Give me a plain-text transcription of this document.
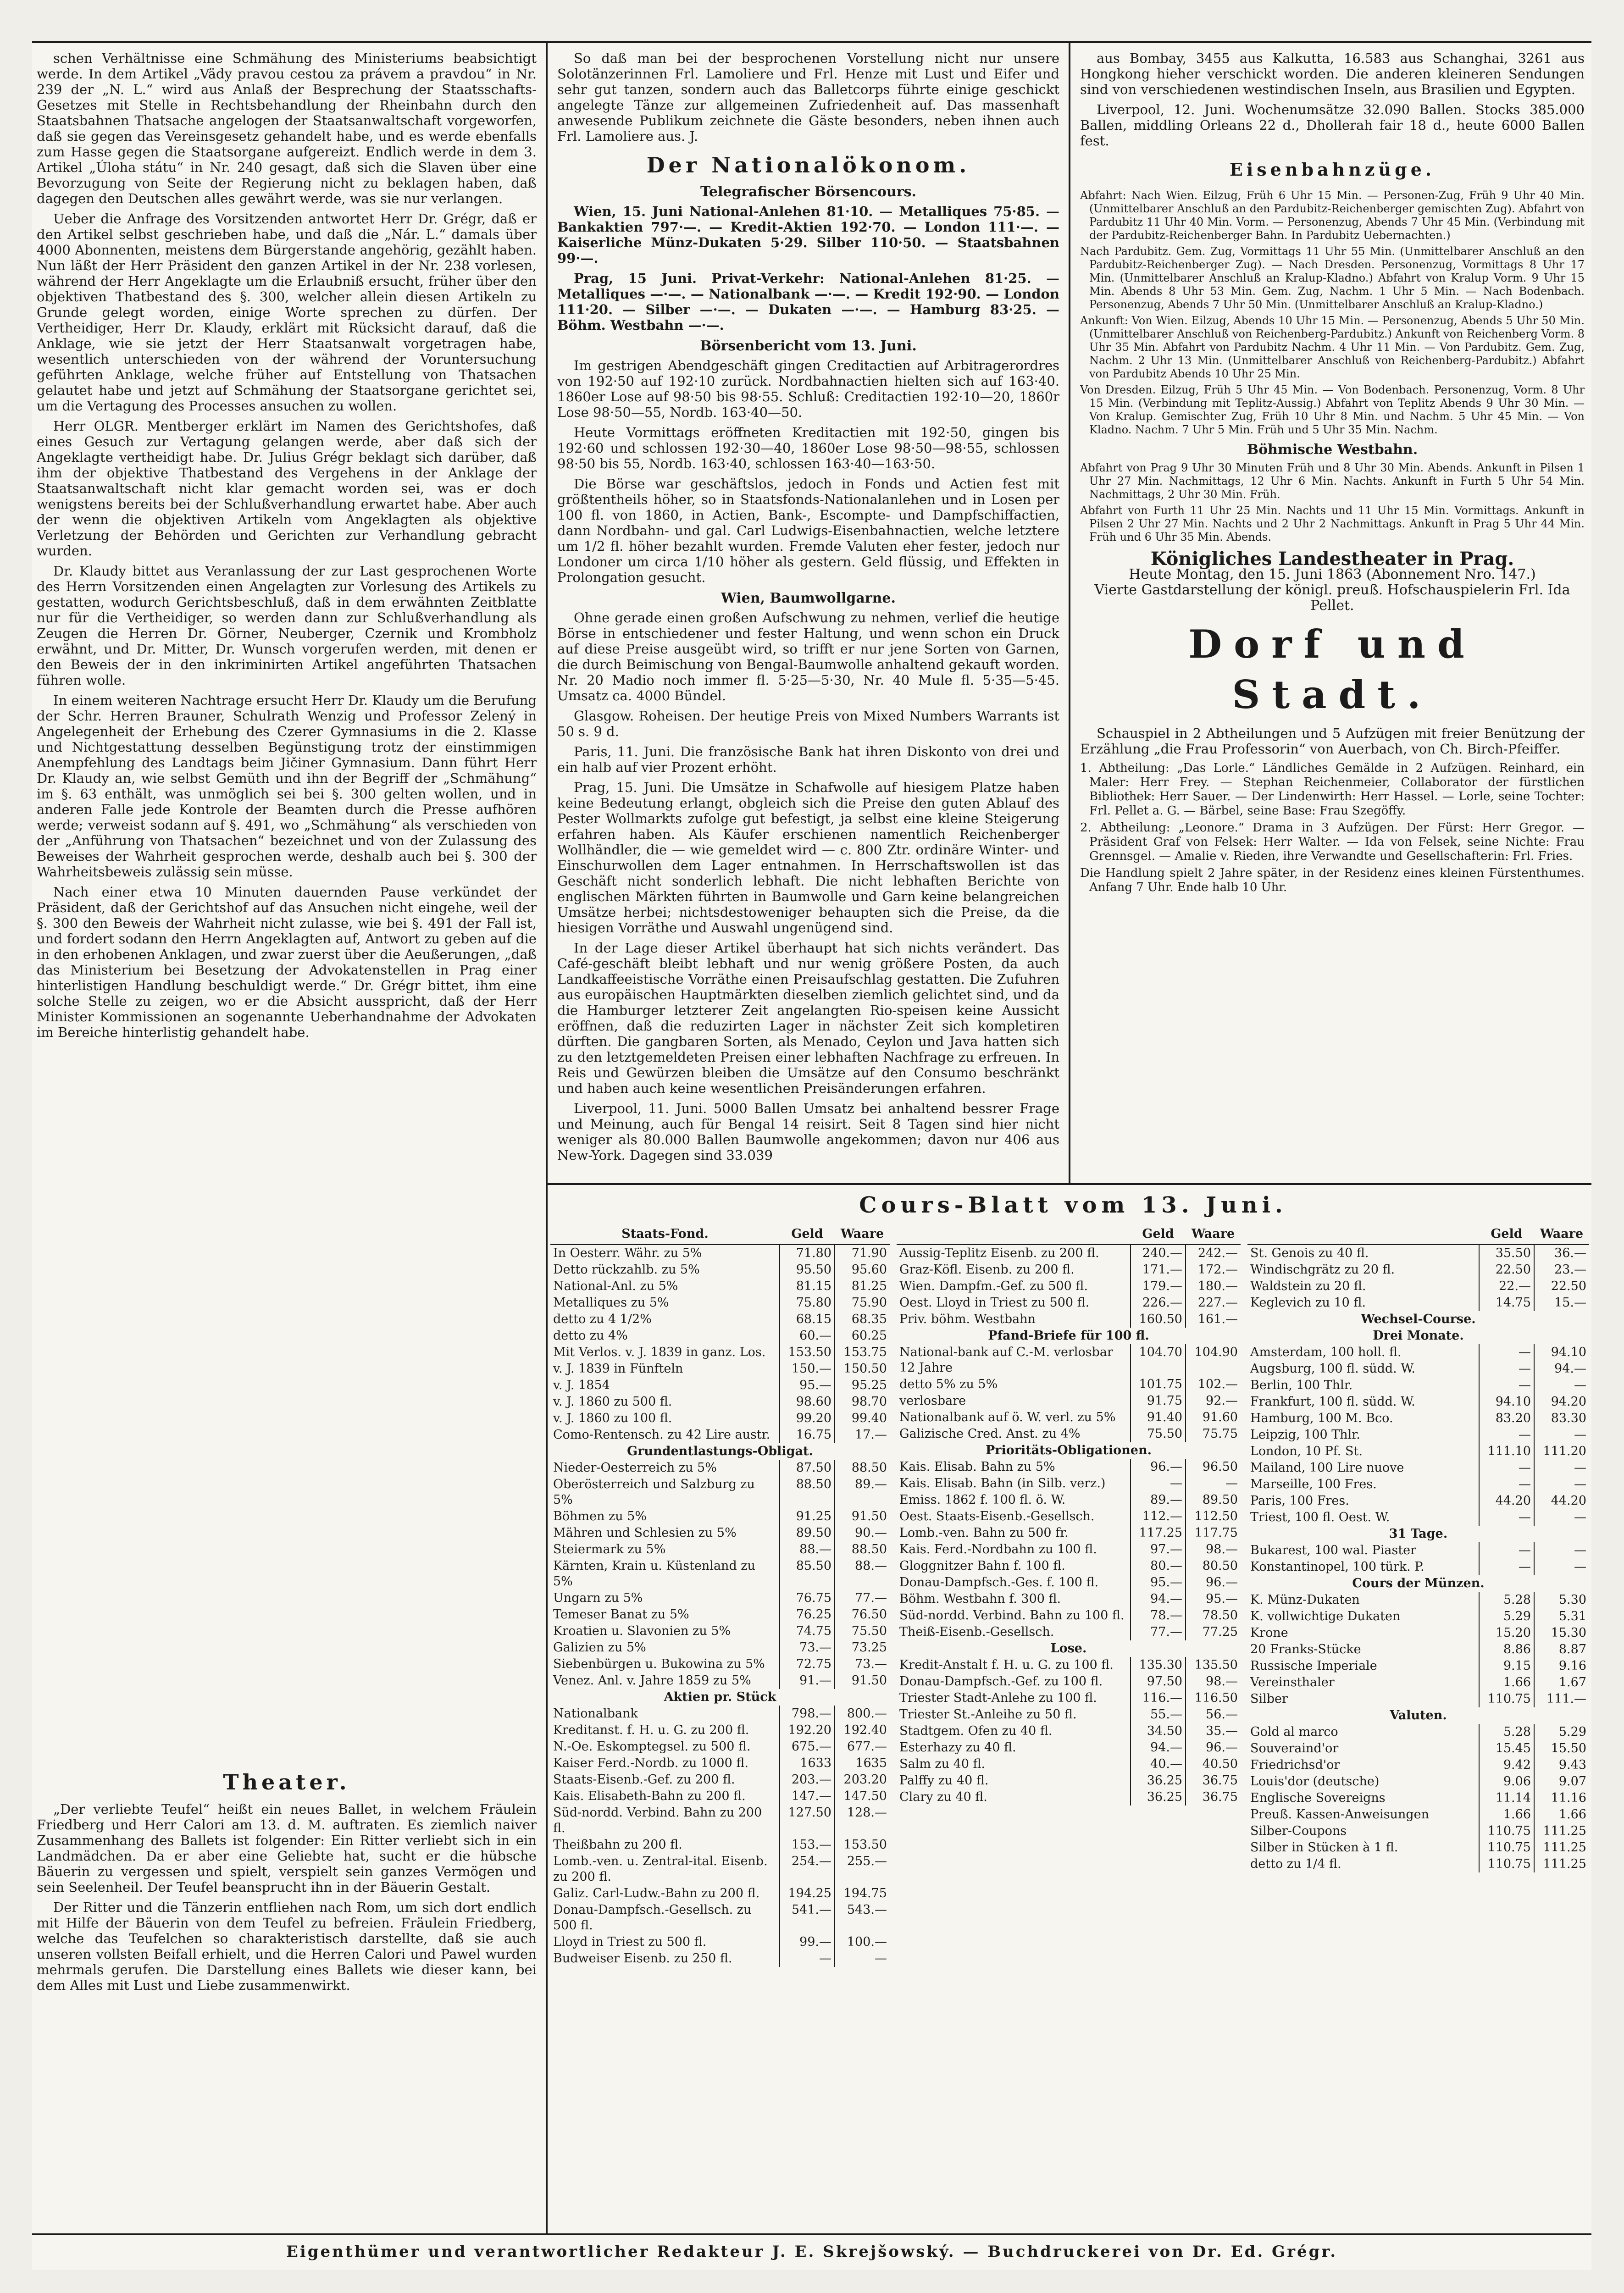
schen Verhältnisse eine Schmähung des Ministeriums beabsichtigt werde. In dem Artikel „Vädy pravou cestou za právem a pravdou“ in Nr. 239 der „N. L.“ wird aus Anlaß der Besprechung der Staatsschafts-Gesetzes mit Stelle in Rechtsbehandlung der Rheinbahn durch den Staatsbahnen Thatsache angelogen der Staatsanwaltschaft vorgeworfen, daß sie gegen das Vereinsgesetz gehandelt habe, und es werde ebenfalls zum Hasse gegen die Staatsorgane aufgereizt. Endlich werde in dem 3. Artikel „Úloha státu“ in Nr. 240 gesagt, daß sich die Slaven über eine Bevorzugung von Seite der Regierung nicht zu beklagen haben, daß dagegen den Deutschen alles gewährt werde, was sie nur verlangen.

Ueber die Anfrage des Vorsitzenden antwortet Herr Dr. Grégr, daß er den Artikel selbst geschrieben habe, und daß die „Nár. L.“ damals über 4000 Abonnenten, meistens dem Bürgerstande angehörig, gezählt haben. Nun läßt der Herr Präsident den ganzen Artikel in der Nr. 238 vorlesen, während der Herr Angeklagte um die Erlaubniß ersucht, früher über den objektiven Thatbestand des §. 300, welcher allein diesen Artikeln zu Grunde gelegt worden, einige Worte sprechen zu dürfen. Der Vertheidiger, Herr Dr. Klaudy, erklärt mit Rücksicht darauf, daß die Anklage, wie sie jetzt der Herr Staatsanwalt vorgetragen habe, wesentlich unterschieden von der während der Voruntersuchung geführten Anklage, welche früher auf Entstellung von Thatsachen gelautet habe und jetzt auf Schmähung der Staatsorgane gerichtet sei, um die Vertagung des Processes ansuchen zu wollen.

Herr OLGR. Mentberger erklärt im Namen des Gerichtshofes, daß eines Gesuch zur Vertagung gelangen werde, aber daß sich der Angeklagte vertheidigt habe. Dr. Julius Grégr beklagt sich darüber, daß ihm der objektive Thatbestand des Vergehens in der Anklage der Staatsanwaltschaft nicht klar gemacht worden sei, was er doch wenigstens bereits bei der Schlußverhandlung erwartet habe. Aber auch der wenn die objektiven Artikeln vom Angeklagten als objektive Verletzung der Behörden und Gerichten zur Verhandlung gebracht wurden.

Dr. Klaudy bittet aus Veranlassung der zur Last gesprochenen Worte des Herrn Vorsitzenden einen Angelagten zur Vorlesung des Artikels zu gestatten, wodurch Gerichtsbeschluß, daß in dem erwähnten Zeitblatte nur für die Vertheidiger, so werden dann zur Schlußverhandlung als Zeugen die Herren Dr. Görner, Neuberger, Czernik und Krombholz erwähnt, und Dr. Mitter, Dr. Wunsch vorgerufen werden, mit denen er den Beweis der in den inkriminirten Artikel angeführten Thatsachen führen wolle.

In einem weiteren Nachtrage ersucht Herr Dr. Klaudy um die Berufung der Schr. Herren Brauner, Schulrath Wenzig und Professor Zelený in Angelegenheit der Erhebung des Czerer Gymnasiums in die 2. Klasse und Nichtgestattung desselben Begünstigung trotz der einstimmigen Anempfehlung des Landtags beim Jičiner Gymnasium. Dann führt Herr Dr. Klaudy an, wie selbst Gemüth und ihn der Begriff der „Schmähung“ im §. 63 enthält, was unmöglich sei bei §. 300 gelten wollen, und in anderen Falle jede Kontrole der Beamten durch die Presse aufhören werde; verweist sodann auf §. 491, wo „Schmähung“ als verschieden von der „Anführung von Thatsachen“ bezeichnet und von der Zulassung des Beweises der Wahrheit gesprochen werde, deshalb auch bei §. 300 der Wahrheitsbeweis zulässig sein müsse.

Nach einer etwa 10 Minuten dauernden Pause verkündet der Präsident, daß der Gerichtshof auf das Ansuchen nicht eingehe, weil der §. 300 den Beweis der Wahrheit nicht zulasse, wie bei §. 491 der Fall ist, und fordert sodann den Herrn Angeklagten auf, Antwort zu geben auf die in den erhobenen Anklagen, und zwar zuerst über die Aeußerungen, „daß das Ministerium bei Besetzung der Advokatenstellen in Prag einer hinterlistigen Handlung beschuldigt werde.“ Dr. Grégr bittet, ihm eine solche Stelle zu zeigen, wo er die Absicht ausspricht, daß der Herr Minister Kommissionen an sogenannte Ueberhandnahme der Advokaten im Bereiche hinterlistig gehandelt habe.

Theater.

„Der verliebte Teufel“ heißt ein neues Ballet, in welchem Fräulein Friedberg und Herr Calori am 13. d. M. auftraten. Es ziemlich naiver Zusammenhang des Ballets ist folgender: Ein Ritter verliebt sich in ein Landmädchen. Da er aber eine Geliebte hat, sucht er die hübsche Bäuerin zu vergessen und spielt, verspielt sein ganzes Vermögen und sein Seelenheil. Der Teufel beansprucht ihn in der Bäuerin Gestalt.

Der Ritter und die Tänzerin entfliehen nach Rom, um sich dort endlich mit Hilfe der Bäuerin von dem Teufel zu befreien. Fräulein Friedberg, welche das Teufelchen so charakteristisch darstellte, daß sie auch unseren vollsten Beifall erhielt, und die Herren Calori und Pawel wurden mehrmals gerufen. Die Darstellung eines Ballets wie dieser kann, bei dem Alles mit Lust und Liebe zusammenwirkt.

So daß man bei der besprochenen Vorstellung nicht nur unsere Solotänzerinnen Frl. Lamoliere und Frl. Henze mit Lust und Eifer und sehr gut tanzen, sondern auch das Balletcorps führte einige geschickt angelegte Tänze zur allgemeinen Zufriedenheit auf. Das massenhaft anwesende Publikum zeichnete die Gäste besonders, neben ihnen auch Frl. Lamoliere aus. J.

Der Nationalökonom.
Telegrafischer Börsencours.

Wien, 15. Juni National-Anlehen 81·10. — Metalliques 75·85. — Bankaktien 797·—. — Kredit-Aktien 192·70. — London 111·—. — Kaiserliche Münz-Dukaten 5·29. Silber 110·50. — Staatsbahnen 99·—.

Prag, 15 Juni. Privat-Verkehr: National-Anlehen 81·25. — Metalliques —·—. — Nationalbank —·—. — Kredit 192·90. — London 111·20. — Silber —·—. — Dukaten —·—. — Hamburg 83·25. — Böhm. Westbahn —·—.

Börsenbericht vom 13. Juni.

Im gestrigen Abendgeschäft gingen Creditactien auf Arbitragerordres von 192·50 auf 192·10 zurück. Nordbahnactien hielten sich auf 163·40. 1860er Lose auf 98·50 bis 98·55. Schluß: Creditactien 192·10—20, 1860r Lose 98·50—55, Nordb. 163·40—50.

Heute Vormittags eröffneten Kreditactien mit 192·50, gingen bis 192·60 und schlossen 192·30—40, 1860er Lose 98·50—98·55, schlossen 98·50 bis 55, Nordb. 163·40, schlossen 163·40—163·50.

Die Börse war geschäftslos, jedoch in Fonds und Actien fest mit größtentheils höher, so in Staatsfonds-Nationalanlehen und in Losen per 100 fl. von 1860, in Actien, Bank-, Escompte- und Dampfschiffactien, dann Nordbahn- und gal. Carl Ludwigs-Eisenbahnactien, welche letztere um 1/2 fl. höher bezahlt wurden. Fremde Valuten eher fester, jedoch nur Londoner um circa 1/10 höher als gestern. Geld flüssig, und Effekten in Prolongation gesucht.

Wien, Baumwollgarne.

Ohne gerade einen großen Aufschwung zu nehmen, verlief die heutige Börse in entschiedener und fester Haltung, und wenn schon ein Druck auf diese Preise ausgeübt wird, so trifft er nur jene Sorten von Garnen, die durch Beimischung von Bengal-Baumwolle anhaltend gekauft worden. Nr. 20 Madio noch immer fl. 5·25—5·30, Nr. 40 Mule fl. 5·35—5·45. Umsatz ca. 4000 Bündel.

Glasgow. Roheisen. Der heutige Preis von Mixed Numbers Warrants ist 50 s. 9 d.

Paris, 11. Juni. Die französische Bank hat ihren Diskonto von drei und ein halb auf vier Prozent erhöht.

Prag, 15. Juni. Die Umsätze in Schafwolle auf hiesigem Platze haben keine Bedeutung erlangt, obgleich sich die Preise den guten Ablauf des Pester Wollmarkts zufolge gut befestigt, ja selbst eine kleine Steigerung erfahren haben. Als Käufer erschienen namentlich Reichenberger Wollhändler, die — wie gemeldet wird — c. 800 Ztr. ordinäre Winter- und Einschurwollen dem Lager entnahmen. In Herrschaftswollen ist das Geschäft nicht sonderlich lebhaft. Die nicht lebhaften Berichte von englischen Märkten führten in Baumwolle und Garn keine belangreichen Umsätze herbei; nichtsdestoweniger behaupten sich die Preise, da die hiesigen Vorräthe und Auswahl ungenügend sind.

In der Lage dieser Artikel überhaupt hat sich nichts verändert. Das Café-geschäft bleibt lebhaft und nur wenig größere Posten, da auch Landkaffeeistische Vorräthe einen Preisaufschlag gestatten. Die Zufuhren aus europäischen Hauptmärkten dieselben ziemlich gelichtet sind, und da die Hamburger letzterer Zeit angelangten Rio-speisen keine Aussicht eröffnen, daß die reduzirten Lager in nächster Zeit sich kompletiren dürften. Die gangbaren Sorten, als Menado, Ceylon und Java hatten sich zu den letztgemeldeten Preisen einer lebhaften Nachfrage zu erfreuen. In Reis und Gewürzen bleiben die Umsätze auf den Consumo beschränkt und haben auch keine wesentlichen Preisänderungen erfahren.

Liverpool, 11. Juni. 5000 Ballen Umsatz bei anhaltend bessrer Frage und Meinung, auch für Bengal 14 reisirt. Seit 8 Tagen sind hier nicht weniger als 80.000 Ballen Baumwolle angekommen; davon nur 406 aus New-York. Dagegen sind 33.039

aus Bombay, 3455 aus Kalkutta, 16.583 aus Schanghai, 3261 aus Hongkong hieher verschickt worden. Die anderen kleineren Sendungen sind von verschiedenen westindischen Inseln, aus Brasilien und Egypten.

Liverpool, 12. Juni. Wochenumsätze 32.090 Ballen. Stocks 385.000 Ballen, middling Orleans 22 d., Dhollerah fair 18 d., heute 6000 Ballen fest.

Eisenbahnzüge.
Abfahrt: Nach Wien. Eilzug, Früh 6 Uhr 15 Min. — Personen-Zug, Früh 9 Uhr 40 Min. (Unmittelbarer Anschluß an den Pardubitz-Reichenberger gemischten Zug). Abfahrt von Pardubitz 11 Uhr 40 Min. Vorm. — Personenzug, Abends 7 Uhr 45 Min. (Verbindung mit der Pardubitz-Reichenberger Bahn. In Pardubitz Uebernachten.)
Nach Pardubitz. Gem. Zug, Vormittags 11 Uhr 55 Min. (Unmittelbarer Anschluß an den Pardubitz-Reichenberger Zug). — Nach Dresden. Personenzug, Vormittags 8 Uhr 17 Min. (Unmittelbarer Anschluß an Kralup-Kladno.) Abfahrt von Kralup Vorm. 9 Uhr 15 Min. Abends 8 Uhr 53 Min. Gem. Zug, Nachm. 1 Uhr 5 Min. — Nach Bodenbach. Personenzug, Abends 7 Uhr 50 Min. (Unmittelbarer Anschluß an Kralup-Kladno.)
Ankunft: Von Wien. Eilzug, Abends 10 Uhr 15 Min. — Personenzug, Abends 5 Uhr 50 Min. (Unmittelbarer Anschluß von Reichenberg-Pardubitz.) Ankunft von Reichenberg Vorm. 8 Uhr 35 Min. Abfahrt von Pardubitz Nachm. 4 Uhr 11 Min. — Von Pardubitz. Gem. Zug, Nachm. 2 Uhr 13 Min. (Unmittelbarer Anschluß von Reichenberg-Pardubitz.) Abfahrt von Pardubitz Abends 10 Uhr 25 Min.
Von Dresden. Eilzug, Früh 5 Uhr 45 Min. — Von Bodenbach. Personenzug, Vorm. 8 Uhr 15 Min. (Verbindung mit Teplitz-Aussig.) Abfahrt von Teplitz Abends 9 Uhr 30 Min. — Von Kralup. Gemischter Zug, Früh 10 Uhr 8 Min. und Nachm. 5 Uhr 45 Min. — Von Kladno. Nachm. 7 Uhr 5 Min. Früh und 5 Uhr 35 Min. Nachm.
Böhmische Westbahn.
Abfahrt von Prag 9 Uhr 30 Minuten Früh und 8 Uhr 30 Min. Abends. Ankunft in Pilsen 1 Uhr 27 Min. Nachmittags, 12 Uhr 6 Min. Nachts. Ankunft in Furth 5 Uhr 54 Min. Nachmittags, 2 Uhr 30 Min. Früh.
Abfahrt von Furth 11 Uhr 25 Min. Nachts und 11 Uhr 15 Min. Vormittags. Ankunft in Pilsen 2 Uhr 27 Min. Nachts und 2 Uhr 2 Nachmittags. Ankunft in Prag 5 Uhr 44 Min. Früh und 6 Uhr 35 Min. Abends.
Königliches Landestheater in Prag.
Heute Montag, den 15. Juni 1863 (Abonnement Nro. 147.)
Vierte Gastdarstellung der königl. preuß. Hofschauspielerin Frl. Ida Pellet.
Dorf und Stadt.

Schauspiel in 2 Abtheilungen und 5 Aufzügen mit freier Benützung der Erzählung „die Frau Professorin“ von Auerbach, von Ch. Birch-Pfeiffer.

1. Abtheilung: „Das Lorle.“ Ländliches Gemälde in 2 Aufzügen. Reinhard, ein Maler: Herr Frey. — Stephan Reichenmeier, Collaborator der fürstlichen Bibliothek: Herr Sauer. — Der Lindenwirth: Herr Hassel. — Lorle, seine Tochter: Frl. Pellet a. G. — Bärbel, seine Base: Frau Szegöffy.
2. Abtheilung: „Leonore.“ Drama in 3 Aufzügen. Der Fürst: Herr Gregor. — Präsident Graf von Felsek: Herr Walter. — Ida von Felsek, seine Nichte: Frau Grennsgel. — Amalie v. Rieden, ihre Verwandte und Gesellschafterin: Frl. Fries.
Die Handlung spielt 2 Jahre später, in der Residenz eines kleinen Fürstenthumes. Anfang 7 Uhr. Ende halb 10 Uhr.
Cours-Blatt vom 13. Juni.
Staats-Fond.	Geld	Waare
In Oesterr. Währ. zu 5%	71.80	71.90
Detto rückzahlb. zu 5%	95.50	95.60
National-Anl. zu 5%	81.15	81.25
Metalliques zu 5%	75.80	75.90
detto zu 4 1/2%	68.15	68.35
detto zu 4%	60.—	60.25
Mit Verlos. v. J. 1839 in ganz. Los.	153.50	153.75
v. J. 1839 in Fünfteln	150.—	150.50
v. J. 1854	95.—	95.25
v. J. 1860 zu 500 fl.	98.60	98.70
v. J. 1860 zu 100 fl.	99.20	99.40
Como-Rentensch. zu 42 Lire austr.	16.75	17.—
Grundentlastungs-Obligat.		
Nieder-Oesterreich zu 5%	87.50	88.50
Oberösterreich und Salzburg zu 5%	88.50	89.—
Böhmen zu 5%	91.25	91.50
Mähren und Schlesien zu 5%	89.50	90.—
Steiermark zu 5%	88.—	88.50
Kärnten, Krain u. Küstenland zu 5%	85.50	88.—
Ungarn zu 5%	76.75	77.—
Temeser Banat zu 5%	76.25	76.50
Kroatien u. Slavonien zu 5%	74.75	75.50
Galizien zu 5%	73.—	73.25
Siebenbürgen u. Bukowina zu 5%	72.75	73.—
Venez. Anl. v. Jahre 1859 zu 5%	91.—	91.50
Aktien pr. Stück		
Nationalbank	798.—	800.—
Kreditanst. f. H. u. G. zu 200 fl.	192.20	192.40
N.-Oe. Eskomptegsel. zu 500 fl.	675.—	677.—
Kaiser Ferd.-Nordb. zu 1000 fl.	1633	1635
Staats-Eisenb.-Gef. zu 200 fl.	203.—	203.20
Kais. Elisabeth-Bahn zu 200 fl.	147.—	147.50
Süd-nordd. Verbind. Bahn zu 200 fl.	127.50	128.—
Theißbahn zu 200 fl.	153.—	153.50
Lomb.-ven. u. Zentral-ital. Eisenb. zu 200 fl.	254.—	255.—
Galiz. Carl-Ludw.-Bahn zu 200 fl.	194.25	194.75
Donau-Dampfsch.-Gesellsch. zu 500 fl.	541.—	543.—
Lloyd in Triest zu 500 fl.	99.—	100.—
Budweiser Eisenb. zu 250 fl.	—	—
	Geld	Waare
Aussig-Teplitz Eisenb. zu 200 fl.	240.—	242.—
Graz-Köfl. Eisenb. zu 200 fl.	171.—	172.—
Wien. Dampfm.-Gef. zu 500 fl.	179.—	180.—
Oest. Lloyd in Triest zu 500 fl.	226.—	227.—
Priv. böhm. Westbahn	160.50	161.—
Pfand-Briefe für 100 fl.		
National-bank auf C.-M. verlosbar 12 Jahre	104.70	104.90
detto 5% zu 5%	101.75	102.—
verlosbare	91.75	92.—
Nationalbank auf ö. W. verl. zu 5%	91.40	91.60
Galizische Cred. Anst. zu 4%	75.50	75.75
Prioritäts-Obligationen.		
Kais. Elisab. Bahn zu 5%	96.—	96.50
Kais. Elisab. Bahn (in Silb. verz.)	—	—
Emiss. 1862 f. 100 fl. ö. W.	89.—	89.50
Oest. Staats-Eisenb.-Gesellsch.	112.—	112.50
Lomb.-ven. Bahn zu 500 fr.	117.25	117.75
Kais. Ferd.-Nordbahn zu 100 fl.	97.—	98.—
Gloggnitzer Bahn f. 100 fl.	80.—	80.50
Donau-Dampfsch.-Ges. f. 100 fl.	95.—	96.—
Böhm. Westbahn f. 300 fl.	94.—	95.—
Süd-nordd. Verbind. Bahn zu 100 fl.	78.—	78.50
Theiß-Eisenb.-Gesellsch.	77.—	77.25
Lose.		
Kredit-Anstalt f. H. u. G. zu 100 fl.	135.30	135.50
Donau-Dampfsch.-Gef. zu 100 fl.	97.50	98.—
Triester Stadt-Anlehe zu 100 fl.	116.—	116.50
Triester St.-Anleihe zu 50 fl.	55.—	56.—
Stadtgem. Ofen zu 40 fl.	34.50	35.—
Esterhazy zu 40 fl.	94.—	96.—
Salm zu 40 fl.	40.—	40.50
Palffy zu 40 fl.	36.25	36.75
Clary zu 40 fl.	36.25	36.75
	Geld	Waare
St. Genois zu 40 fl.	35.50	36.—
Windischgrätz zu 20 fl.	22.50	23.—
Waldstein zu 20 fl.	22.—	22.50
Keglevich zu 10 fl.	14.75	15.—
Wechsel-Course.		
Drei Monate.		
Amsterdam, 100 holl. fl.	—	94.10
Augsburg, 100 fl. südd. W.	—	94.—
Berlin, 100 Thlr.	—	—
Frankfurt, 100 fl. südd. W.	94.10	94.20
Hamburg, 100 M. Bco.	83.20	83.30
Leipzig, 100 Thlr.	—	—
London, 10 Pf. St.	111.10	111.20
Mailand, 100 Lire nuove	—	—
Marseille, 100 Fres.	—	—
Paris, 100 Fres.	44.20	44.20
Triest, 100 fl. Oest. W.	—	—
31 Tage.		
Bukarest, 100 wal. Piaster	—	—
Konstantinopel, 100 türk. P.	—	—
Cours der Münzen.		
K. Münz-Dukaten	5.28	5.30
K. vollwichtige Dukaten	5.29	5.31
Krone	15.20	15.30
20 Franks-Stücke	8.86	8.87
Russische Imperiale	9.15	9.16
Vereinsthaler	1.66	1.67
Silber	110.75	111.—
Valuten.		
Gold al marco	5.28	5.29
Souveraind'or	15.45	15.50
Friedrichsd'or	9.42	9.43
Louis'dor (deutsche)	9.06	9.07
Englische Sovereigns	11.14	11.16
Preuß. Kassen-Anweisungen	1.66	1.66
Silber-Coupons	110.75	111.25
Silber in Stücken à 1 fl.	110.75	111.25
detto zu 1/4 fl.	110.75	111.25
Eigenthümer und verantwortlicher Redakteur J. E. Skrejšowský. — Buchdruckerei von Dr. Ed. Grégr.
